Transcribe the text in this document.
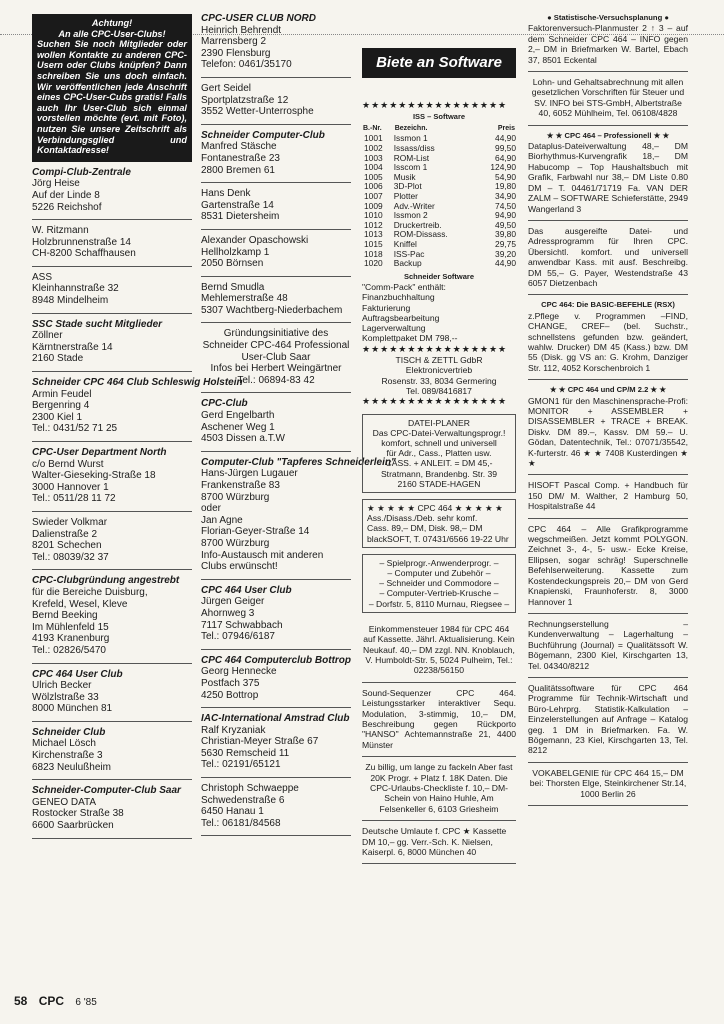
Achtung!
An alle CPC-User-Clubs!
Suchen Sie noch Mitglieder oder wollen Kontakte zu anderen CPC-Usern oder Clubs knüpfen? Dann schreiben Sie uns doch einfach. Wir veröffentlichen jede Anschrift eines CPC-User-Cubs gratis! Falls auch Ihr User-Club sich einmal vorstellen möchte (evt. mit Foto), nutzen Sie unsere Zeitschrift als Verbindungsglied und Kontaktadresse!
Compi-Club-Zentrale
Jörg Heise
Auf der Linde 8
5226 Reichshof
W. Ritzmann
Holzbrunnenstraße 14
CH-8200 Schaffhausen
ASS
Kleinhannstraße 32
8948 Mindelheim
SSC Stade sucht Mitglieder
Zöllner
Kärntnerstraße 14
2160 Stade
Schneider CPC 464 Club Schleswig Holstein
Armin Feudel
Bergenring 4
2300 Kiel 1
Tel.: 0431/52 71 25
CPC-User Department North
c/o Bernd Wurst
Walter-Gieseking-Straße 18
3000 Hannover 1
Tel.: 0511/28 11 72
Swieder Volkmar
Dalienstraße 2
8201 Schechen
Tel.: 08039/32 37
CPC-Clubgründung angestrebt
für die Bereiche Duisburg,
Krefeld, Wesel, Kleve
Bernd Beeking
Im Mühlenfeld 15
4193 Kranenburg
Tel.: 02826/5470
CPC 464 User Club
Ulrich Becker
Wölzlstraße 33
8000 München 81
Schneider Club
Michael Lösch
Kirchenstraße 3
6823 Neulußheim
Schneider-Computer-Club Saar
GENEO DATA
Rostocker Straße 38
6600 Saarbrücken
CPC-USER CLUB NORD
Heinrich Behrendt
Marrensberg 2
2390 Flensburg
Telefon: 0461/35170
Gert Seidel
Sportplatzstraße 12
3552 Wetter-Unterrosphe
Schneider Computer-Club
Manfred Stäsche
Fontanestraße 23
2800 Bremen 61
Hans Denk
Gartenstraße 14
8531 Dietersheim
Alexander Opaschowski
Hellholzkamp 1
2050 Börnsen
Bernd Smudla
Mehlemerstraße 48
5307 Wachtberg-Niederbachem
Gründungsinitiative des Schneider CPC-464 Professional User-Club Saar
Infos bei Herbert Weingärtner
Tel.: 06894-83 42
CPC-Club
Gerd Engelbarth
Aschener Weg 1
4503 Dissen a.T.W
Computer-Club "Tapferes Schneiderlein"
Hans-Jürgen Lugauer
Frankenstraße 83
8700 Würzburg
oder
Jan Agne
Florian-Geyer-Straße 14
8700 Würzburg
Info-Austausch mit anderen
Clubs erwünscht!
CPC 464 User Club
Jürgen Geiger
Ahornweg 3
7117 Schwabbach
Tel.: 07946/6187
CPC 464 Computerclub Bottrop
Georg Hennecke
Postfach 375
4250 Bottrop
IAC-International Amstrad Club
Ralf Kryzaniak
Christian-Meyer Straße 67
5630 Remscheid 11
Tel.: 02191/65121
Christoph Schwaeppe
Schwedenstraße 6
6450 Hanau 1
Tel.: 06181/84568
Biete an Software
★★★★★★★★★★★★★★★★
ISS – Software
B.-Nr.	Bezeichn.	Preis
1001	Issmon 1	44,90
1002	Issass/diss	99,50
1003	ROM-List	64,90
1004	Isscom 1	124,90
1005	Musik	54,90
1006	3D-Plot	19,80
1007	Plotter	34,90
1009	Adv.-Writer	74,50
1010	Issmon 2	94,90
1012	Druckertreib.	49,50
1013	ROM-Dissass.	39,80
1015	Kniffel	29,75
1018	ISS-Pac	39,20
1020	Backup	44,90
Schneider Software
"Comm-Pack" enthält:
Finanzbuchhaltung
Fakturierung
Auftragsbearbeitung
Lagerverwaltung
Komplettpaket DM 798,--
★★★★★★★★★★★★★★★★
TISCH & ZETTL GdbR
Elektronicvertrieb
Rosenstr. 33, 8034 Germering
Tel. 089/8416817
★★★★★★★★★★★★★★★★
DATEI-PLANER
Das CPC-Datei-Verwaltungsprogr.!
komfort, schnell und universell
für Adr., Cass., Platten usw.
CASS. + ANLEIT. = DM 45,-
Stratmann, Brandenbg. Str. 39
2160 STADE-HAGEN
★ ★ ★ ★ ★ CPC 464 ★ ★ ★ ★ ★
Ass./Disass./Deb. sehr komf.
Cass. 89,– DM, Disk. 98,– DM
blackSOFT, T. 07431/6566 19-22 Uhr
– Spielprogr.-Anwenderprogr. –
– Computer und Zubehör –
– Schneider und Commodore –
– Computer-Vertrieb-Krusche –
– Dorfstr. 5, 8110 Murnau, Riegsee –
Einkommensteuer 1984 für CPC 464 auf Kassette. Jährl. Aktualisierung. Kein Neukauf. 40,– DM zzgl. NN. Knoblauch, V. Humboldt-Str. 5, 5024 Pulheim, Tel.: 02238/56150
Sound-Sequenzer CPC 464. Leistungsstarker interaktiver Sequ. Modulation, 3-stimmig, 10,– DM, Beschreibung gegen Rückporto "HANSO" Achtemannstraße 21, 4400 Münster
Zu billig, um lange zu fackeln Aber fast 20K Progr. + Platz f. 18K Daten. Die CPC-Urlaubs-Checkliste f. 10,– DM-Schein von Haino Huhle, Am Felsenkeller 6, 6103 Griesheim
Deutsche Umlaute f. CPC ★ Kassette DM 10,– gg. Verr.-Sch. K. Nielsen, Kaiserpl. 6, 8000 München 40
● Statistische-Versuchsplanung ●
Faktorenversuch-Planmuster 2 ↑ 3 – auf dem Schneider CPC 464 – INFO gegen 2,– DM in Briefmarken W. Bartel, Ebach 37, 8501 Eckental
Lohn- und Gehaltsabrechnung mit allen gesetzlichen Vorschriften für Steuer und SV. INFO bei STS-GmbH, Albertstraße 40, 6052 Mühlheim, Tel. 06108/4828
★ ★ CPC 464 – Professionell ★ ★
Dataplus-Dateiverwaltung 48,– DM Biorhythmus-Kurvengrafik 18,– DM Habucomp – Top Haushaltsbuch mit Grafik, Farbwahl nur 38,– DM Liste 0.80 DM – T. 04461/71719 Fa. VAN DER ZALM – SOFTWARE Schieferstätte, 2949 Wangerland 3
Das ausgereifte Datei- und Adressprogramm für Ihren CPC. Übersichtl. komfort. und universell anwendbar Kass. mit ausf. Beschreibg. DM 55,– G. Payer, Westendstraße 43 6057 Dietzenbach
CPC 464: Die BASIC-BEFEHLE (RSX)
z.Pflege v. Programmen –FIND, CHANGE, CREF– (bel. Suchstr., schnellstens gefunden bzw. geändert, wahlw. Drucker) DM 45 (Kass.) bzw. DM 55 (Disk. gg VS an: G. Krohm, Danziger Str. 112, 4052 Korschenbroich 1
★ ★ CPC 464 und CP/M 2.2 ★ ★
GMON1 für den Maschinensprache-Profi: MONITOR + ASSEMBLER + DISASSEMBLER + TRACE + BREAK. Diskv. DM 89.–, Kassv. DM 59.– U. Gödan, Datentechnik, Tel.: 07071/35542, K-furterstr. 46 ★ ★ 7408 Kusterdingen ★ ★
HISOFT Pascal Comp. + Handbuch für 150 DM/ M. Walther, 2 Hamburg 50, Hospitalstraße 44
CPC 464 – Alle Grafikprogramme wegschmeißen. Jetzt kommt POLYGON. Zeichnet 3-, 4-, 5- usw.- Ecke Kreise, Ellipsen, sogar schräg! Superschnelle Befehlserweiterung. Kassette zum Kostendeckungspreis 20,– DM von Gerd Knapienski, Fraunhoferstr. 8, 3000 Hannover 1
Rechnungserstellung – Kundenverwaltung – Lagerhaltung – Buchführung (Journal) = Qualitätssoft W. Bögemann, 2300 Kiel, Kirschgarten 13, Tel. 04340/8212
Qualitätssoftware für CPC 464 Programme für Technik-Wirtschaft und Büro-Lehrprg. Statistik-Kalkulation – Einzelerstellungen auf Anfrage – Katalog geg. 1 DM in Briefmarken. Fa. W. Bögemann, 23 Kiel, Kirschgarten 13, Tel. 8212
VOKABELGENIE für CPC 464 15,– DM bei: Thorsten Elge, Steinkirchener Str.14, 1000 Berlin 26
58 CPC 6 '85
